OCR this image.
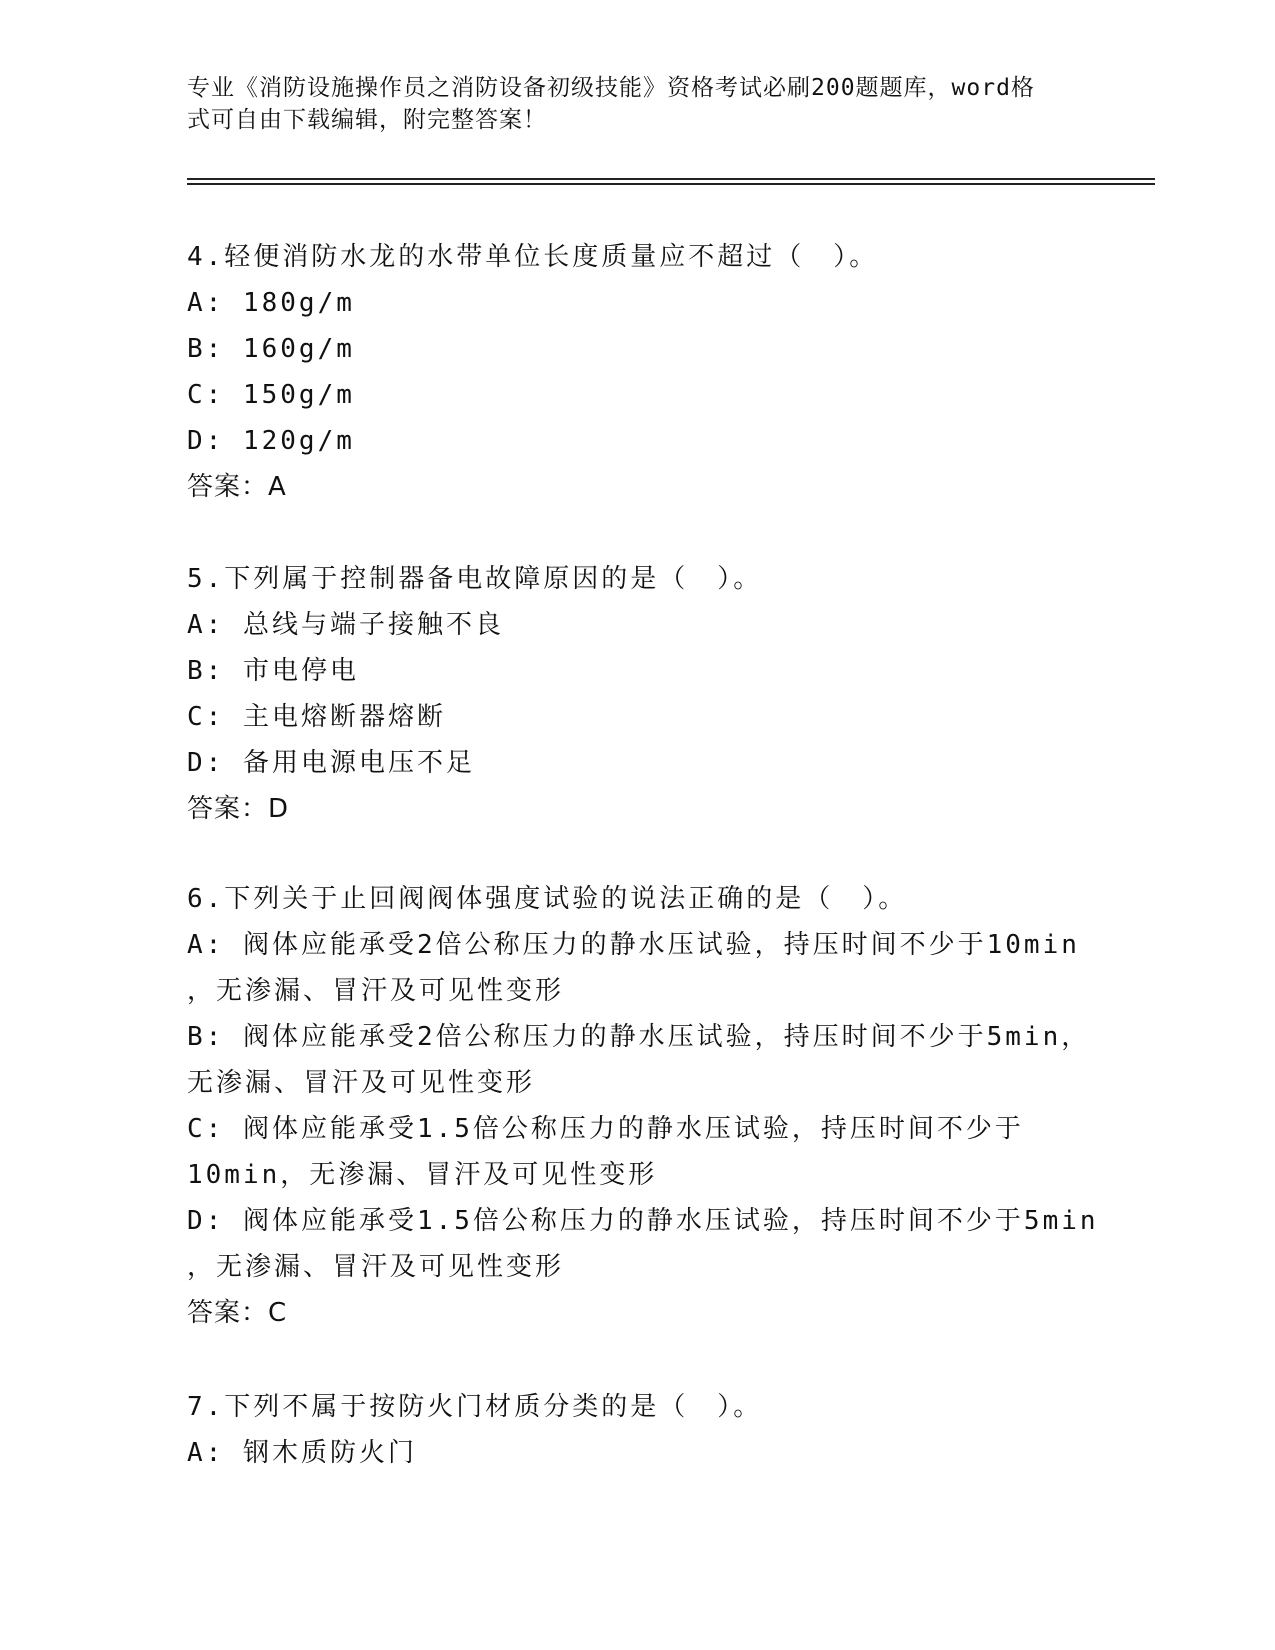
专业《消防设施操作员之消防设备初级技能》资格考试必刷200题题库，word格
式可自由下载编辑，附完整答案！
4.轻便消防水龙的水带单位长度质量应不超过（　）。
A: 180g/m
B: 160g/m
C: 150g/m
D: 120g/m
答案：A
5.下列属于控制器备电故障原因的是（　）。
A: 总线与端子接触不良
B: 市电停电
C: 主电熔断器熔断
D: 备用电源电压不足
答案：D
6.下列关于止回阀阀体强度试验的说法正确的是（　）。
A: 阀体应能承受2倍公称压力的静水压试验，持压时间不少于10min
，无渗漏、冒汗及可见性变形
B: 阀体应能承受2倍公称压力的静水压试验，持压时间不少于5min，
无渗漏、冒汗及可见性变形
C: 阀体应能承受1.5倍公称压力的静水压试验，持压时间不少于
10min，无渗漏、冒汗及可见性变形
D: 阀体应能承受1.5倍公称压力的静水压试验，持压时间不少于5min
，无渗漏、冒汗及可见性变形
答案：C
7.下列不属于按防火门材质分类的是（　）。
A: 钢木质防火门
